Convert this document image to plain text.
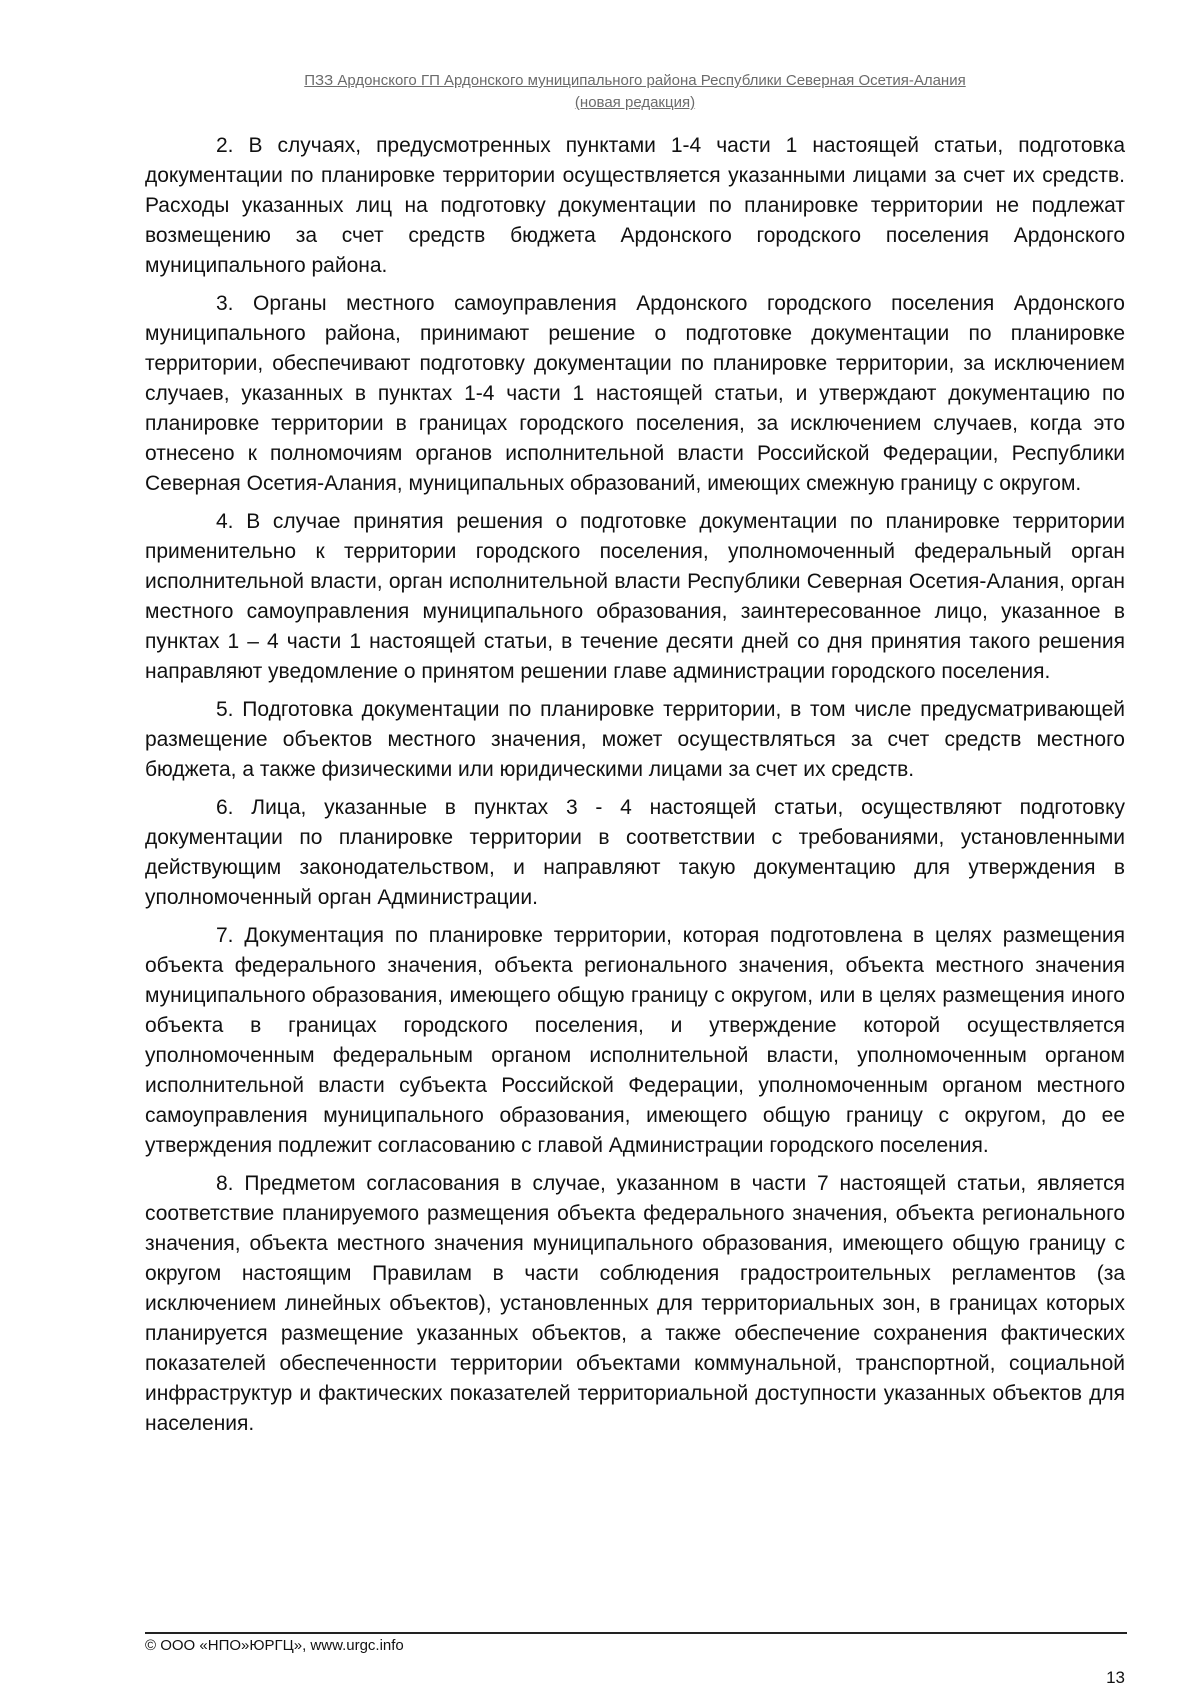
ПЗЗ Ардонского ГП Ардонского муниципального района Республики Северная Осетия-Алания
(новая редакция)

2. В случаях, предусмотренных пунктами 1-4 части 1 настоящей статьи, подготовка документации по планировке территории осуществляется указанными лицами за счет их средств. Расходы указанных лиц на подготовку документации по планировке территории не подлежат возмещению за счет средств бюджета Ардонского городского поселения Ардонского муниципального района.

3. Органы местного самоуправления Ардонского городского поселения Ардонского муниципального района, принимают решение о подготовке документации по планировке территории, обеспечивают подготовку документации по планировке территории, за исключением случаев, указанных в пунктах 1-4 части 1 настоящей статьи, и утверждают документацию по планировке территории в границах городского поселения, за исключением случаев, когда это отнесено к полномочиям органов исполнительной власти Российской Федерации, Республики Северная Осетия-Алания, муниципальных образований, имеющих смежную границу с округом.

4. В случае принятия решения о подготовке документации по планировке территории применительно к территории городского поселения, уполномоченный федеральный орган исполнительной власти, орган исполнительной власти Республики Северная Осетия-Алания, орган местного самоуправления муниципального образования, заинтересованное лицо, указанное в пунктах 1 – 4 части 1 настоящей статьи, в течение десяти дней со дня принятия такого решения направляют уведомление о принятом решении главе администрации городского поселения.

5. Подготовка документации по планировке территории, в том числе предусматривающей размещение объектов местного значения, может осуществляться за счет средств местного бюджета, а также физическими или юридическими лицами за счет их средств.

6. Лица, указанные в пунктах 3 - 4 настоящей статьи, осуществляют подготовку документации по планировке территории в соответствии с требованиями, установленными действующим законодательством, и направляют такую документацию для утверждения в уполномоченный орган Администрации.

7. Документация по планировке территории, которая подготовлена в целях размещения объекта федерального значения, объекта регионального значения, объекта местного значения муниципального образования, имеющего общую границу с округом, или в целях размещения иного объекта в границах городского поселения, и утверждение которой осуществляется уполномоченным федеральным органом исполнительной власти, уполномоченным органом исполнительной власти субъекта Российской Федерации, уполномоченным органом местного самоуправления муниципального образования, имеющего общую границу с округом, до ее утверждения подлежит согласованию с главой Администрации городского поселения.

8. Предметом согласования в случае, указанном в части 7 настоящей статьи, является соответствие планируемого размещения объекта федерального значения, объекта регионального значения, объекта местного значения муниципального образования, имеющего общую границу с округом настоящим Правилам в части соблюдения градостроительных регламентов (за исключением линейных объектов), установленных для территориальных зон, в границах которых планируется размещение указанных объектов, а также обеспечение сохранения фактических показателей обеспеченности территории объектами коммунальной, транспортной, социальной инфраструктур и фактических показателей территориальной доступности указанных объектов для населения.

© ООО «НПО»ЮРГЦ», www.urgc.info
13
